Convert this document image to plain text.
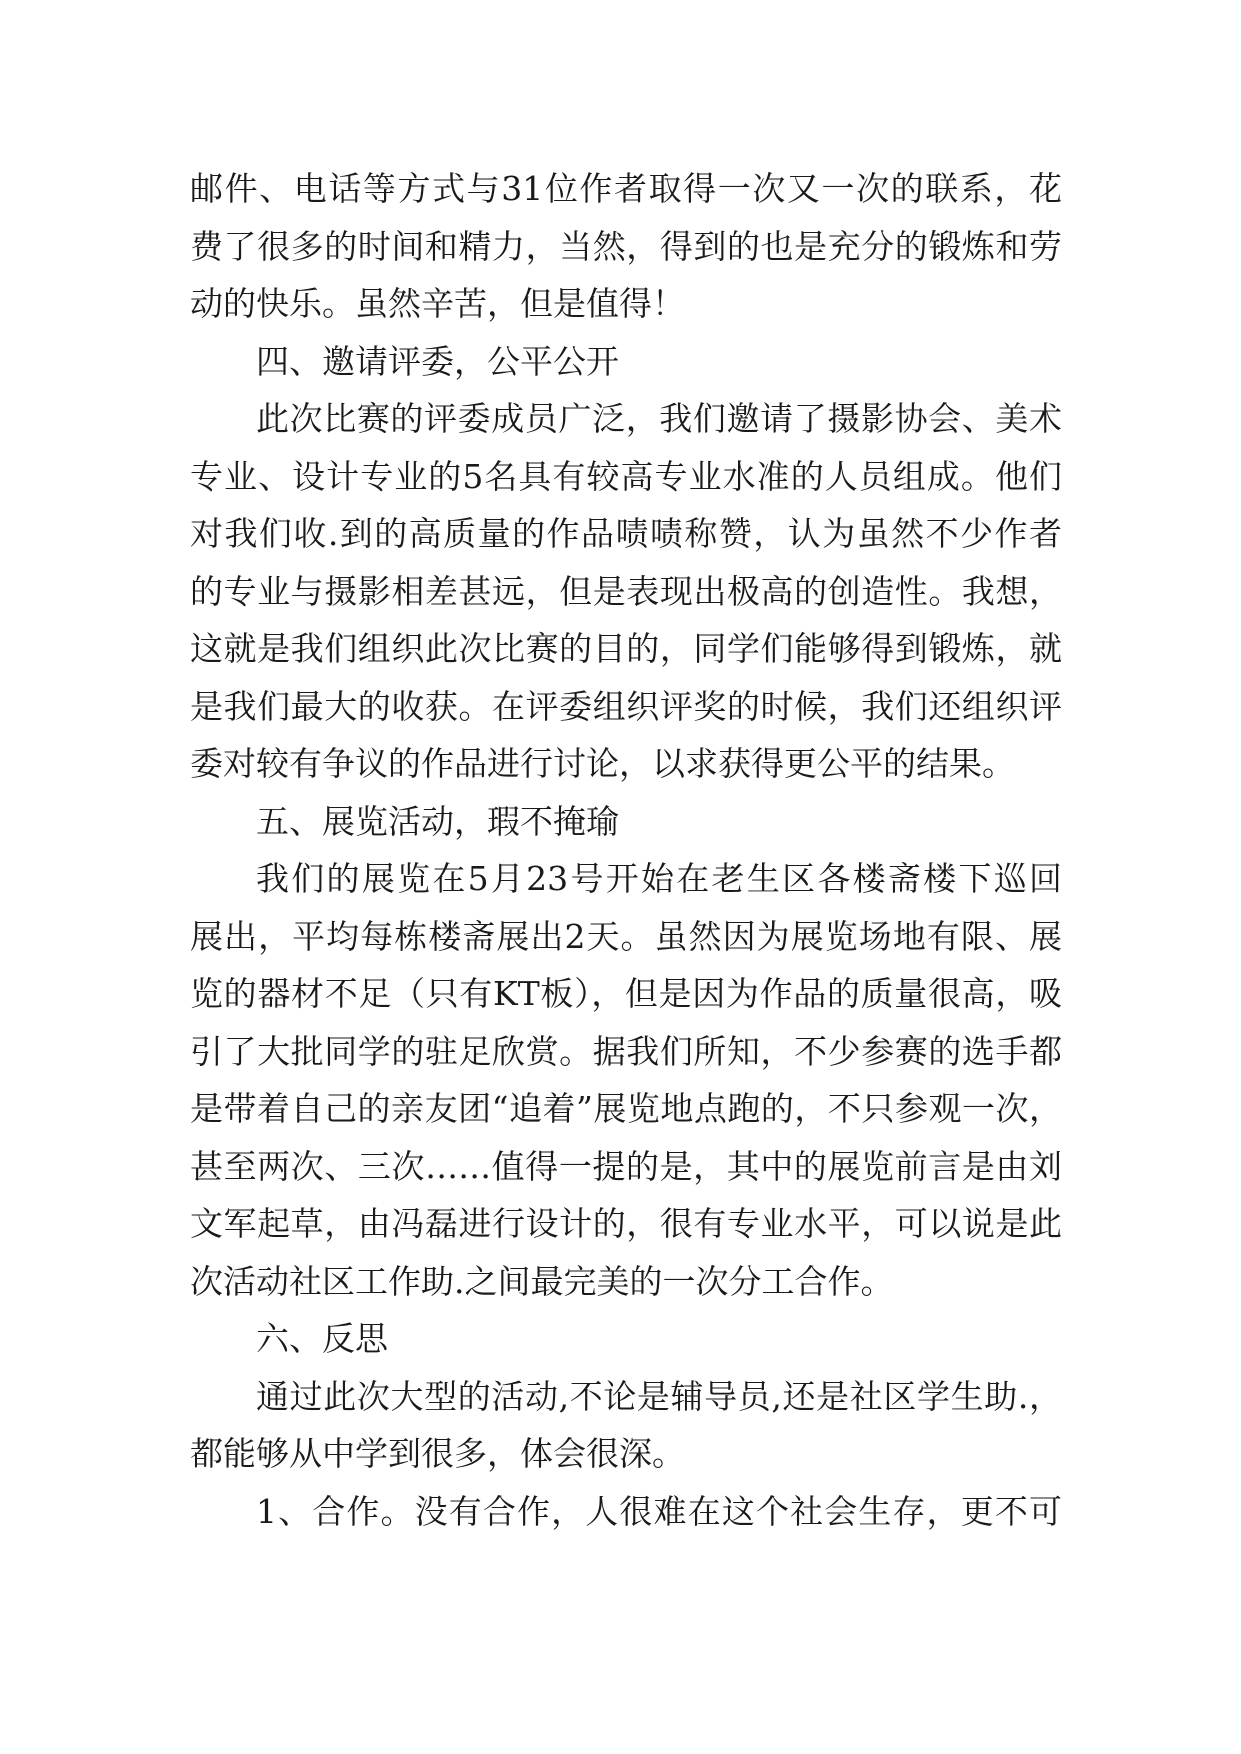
邮件、电话等方式与31位作者取得一次又一次的联系，花
费了很多的时间和精力，当然，得到的也是充分的锻炼和劳
动的快乐。虽然辛苦，但是值得！
四、邀请评委，公平公开
此次比赛的评委成员广泛，我们邀请了摄影协会、美术
专业、设计专业的5名具有较高专业水准的人员组成。他们
对我们收.到的高质量的作品啧啧称赞，认为虽然不少作者
的专业与摄影相差甚远，但是表现出极高的创造性。我想，
这就是我们组织此次比赛的目的，同学们能够得到锻炼，就
是我们最大的收获。在评委组织评奖的时候，我们还组织评
委对较有争议的作品进行讨论，以求获得更公平的结果。
五、展览活动，瑕不掩瑜
我们的展览在5月23号开始在老生区各楼斋楼下巡回
展出，平均每栋楼斋展出2天。虽然因为展览场地有限、展
览的器材不足（只有KT板），但是因为作品的质量很高，吸
引了大批同学的驻足欣赏。据我们所知，不少参赛的选手都
是带着自己的亲友团“追着”展览地点跑的，不只参观一次，
甚至两次、三次……值得一提的是，其中的展览前言是由刘
文军起草，由冯磊进行设计的，很有专业水平，可以说是此
次活动社区工作助.之间最完美的一次分工合作。
六、反思
通过此次大型的活动,不论是辅导员,还是社区学生助.，
都能够从中学到很多，体会很深。
1、合作。没有合作，人很难在这个社会生存，更不可
